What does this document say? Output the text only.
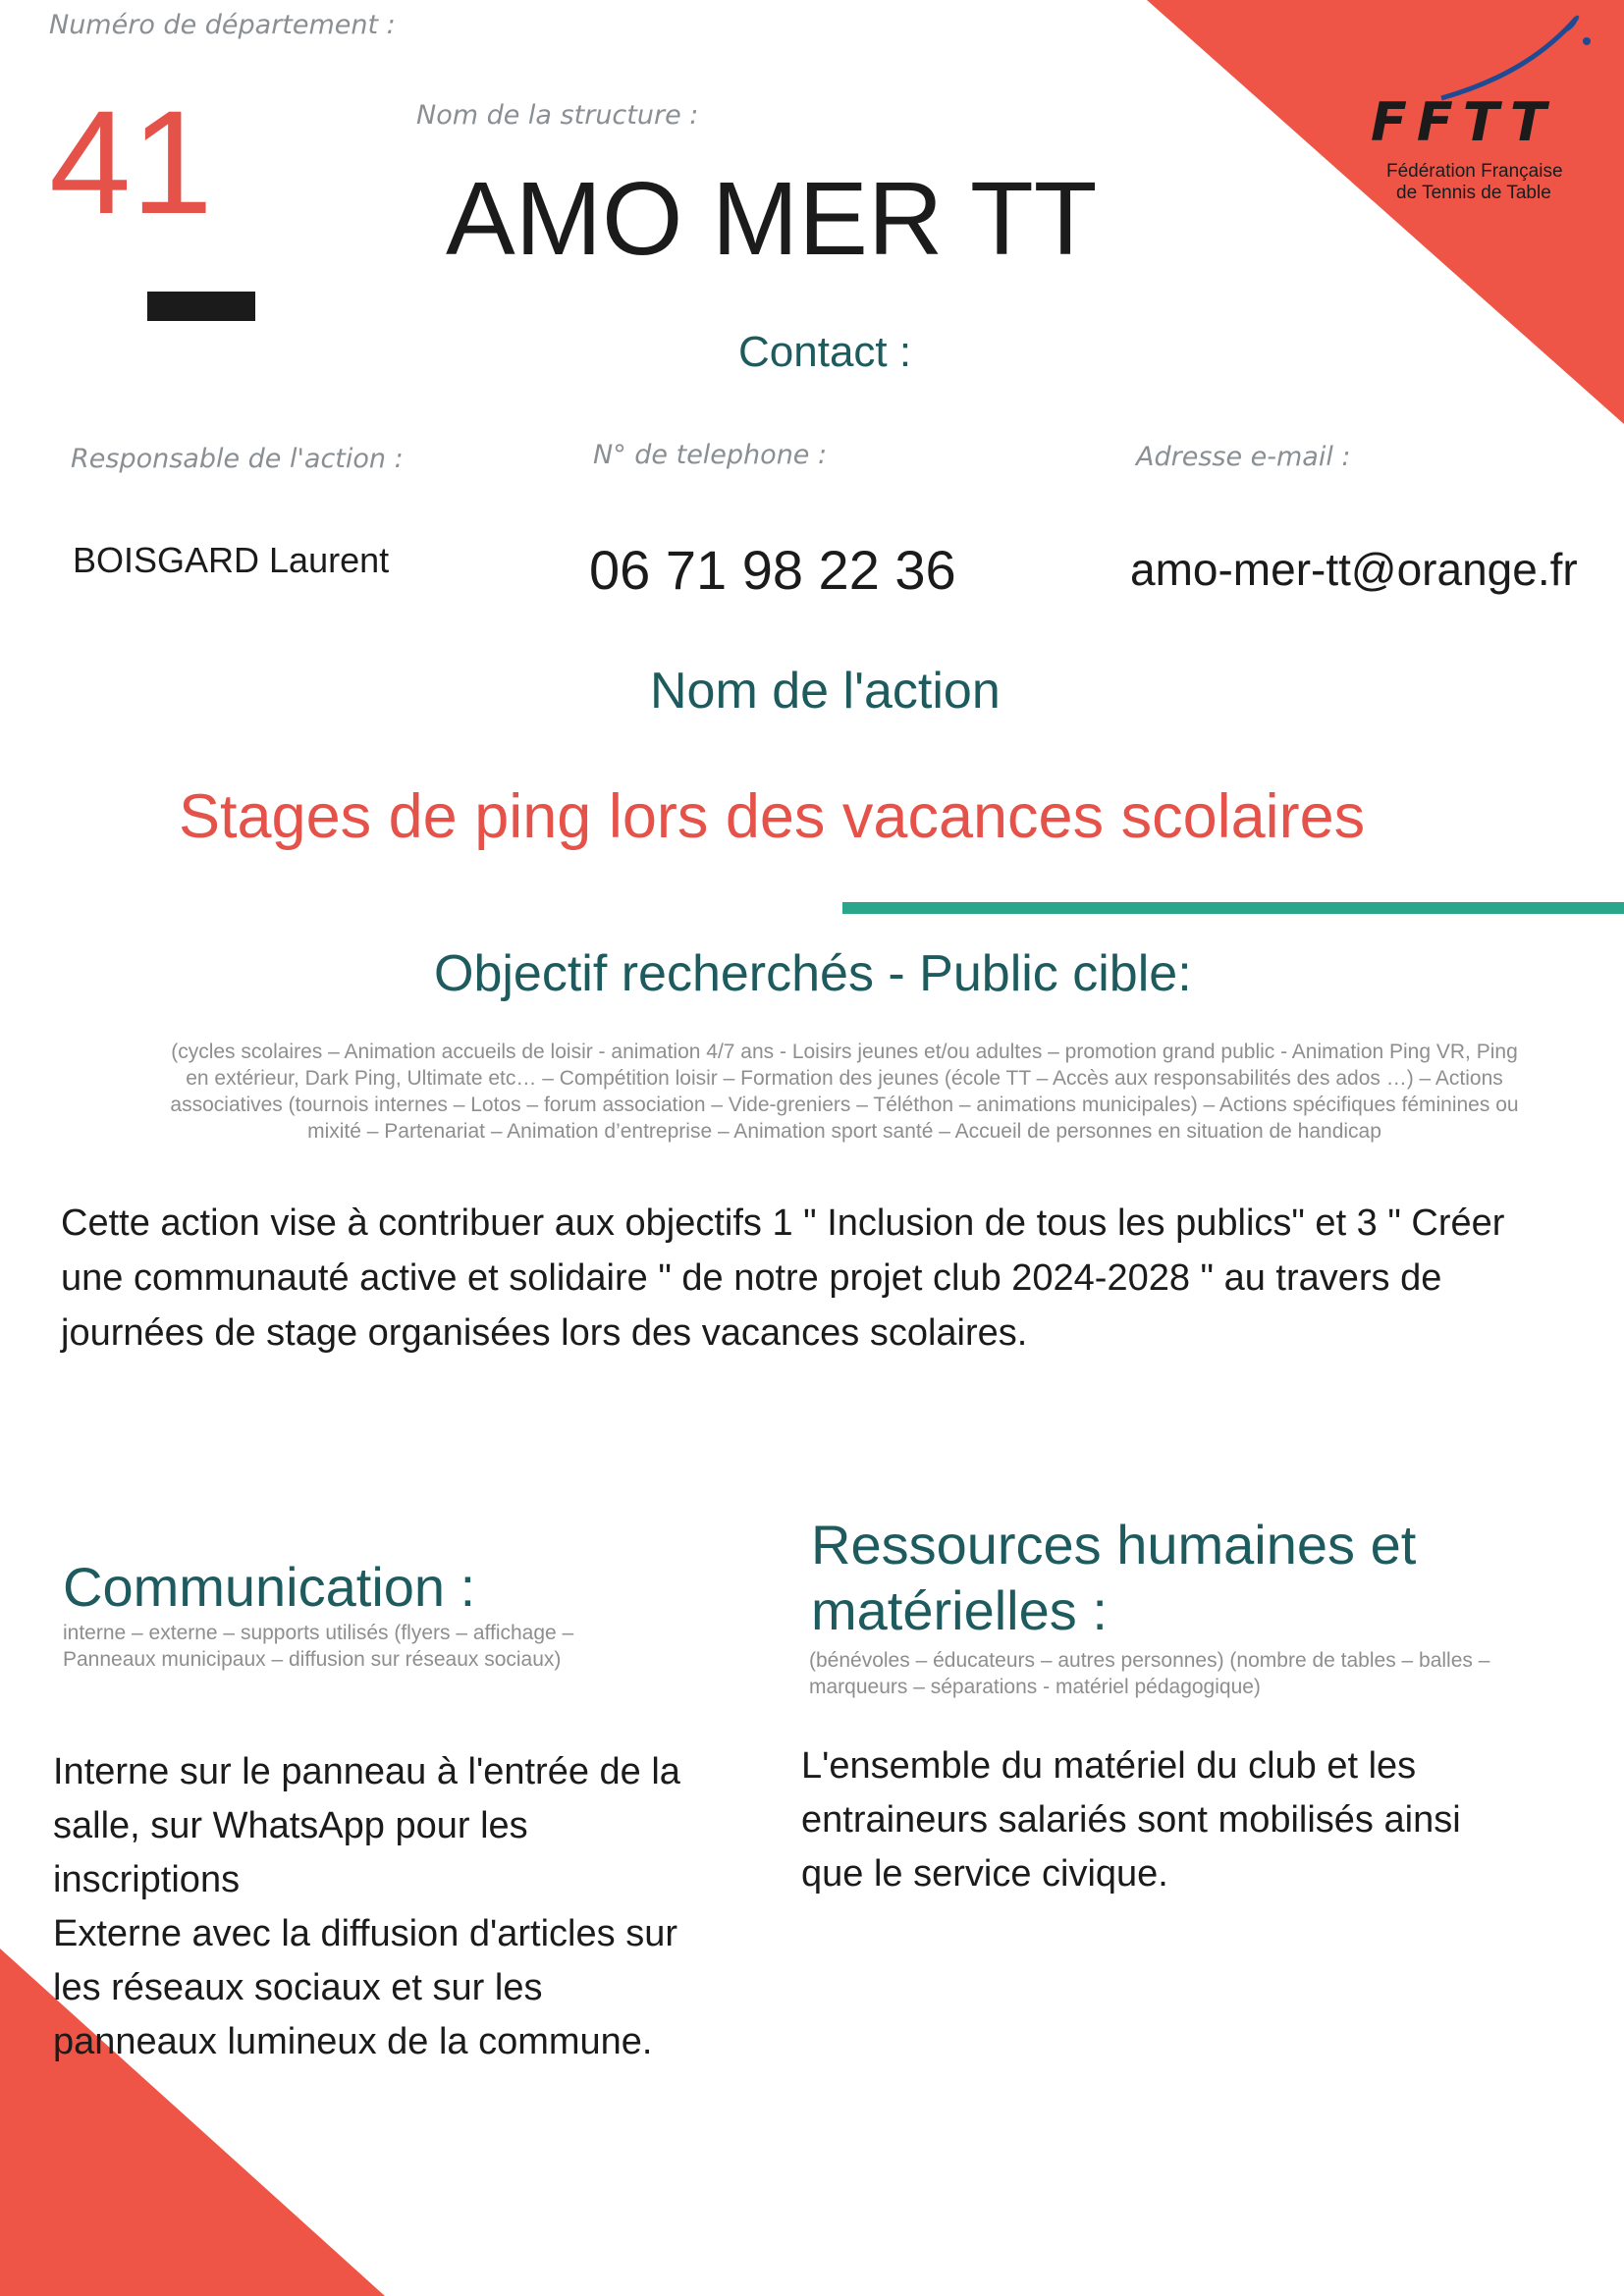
FFTT
Fédération Française
de Tennis de Table
Numéro de département :
41	Nom de la structure :
AMO MER TT
Contact :
Responsable de l'action :	N° de telephone :	Adresse e-mail :
BOISGARD Laurent	06 71 98 22 36	amo-mer-tt@orange.fr
Nom de l'action
Stages de ping lors des vacances scolaires
Objectif recherchés - Public cible:
(cycles scolaires – Animation accueils de loisir - animation 4/7 ans - Loisirs jeunes et/ou adultes – promotion grand public - Animation Ping VR, Ping en extérieur, Dark Ping, Ultimate etc… – Compétition loisir – Formation des jeunes (école TT – Accès aux responsabilités des ados …) – Actions associatives (tournois internes – Lotos – forum association – Vide-greniers – Téléthon – animations municipales) – Actions spécifiques féminines ou mixité – Partenariat – Animation d’entreprise – Animation sport santé – Accueil de personnes en situation de handicap
Cette action vise à contribuer aux objectifs 1 " Inclusion de tous les publics" et 3 " Créer une communauté active et solidaire " de notre projet club 2024-2028 " au travers de journées de stage organisées lors des vacances scolaires.
Communication :
interne – externe – supports utilisés (flyers – affichage – Panneaux municipaux – diffusion sur réseaux sociaux)
Interne sur le panneau à l'entrée de la salle, sur WhatsApp pour les inscriptions
Externe avec la diffusion d'articles sur les réseaux sociaux et sur les panneaux lumineux de la commune.
Ressources humaines et matérielles :
(bénévoles – éducateurs – autres personnes) (nombre de tables – balles – marqueurs – séparations - matériel pédagogique)
L'ensemble du matériel du club et les entraineurs salariés sont mobilisés ainsi que le service civique.
